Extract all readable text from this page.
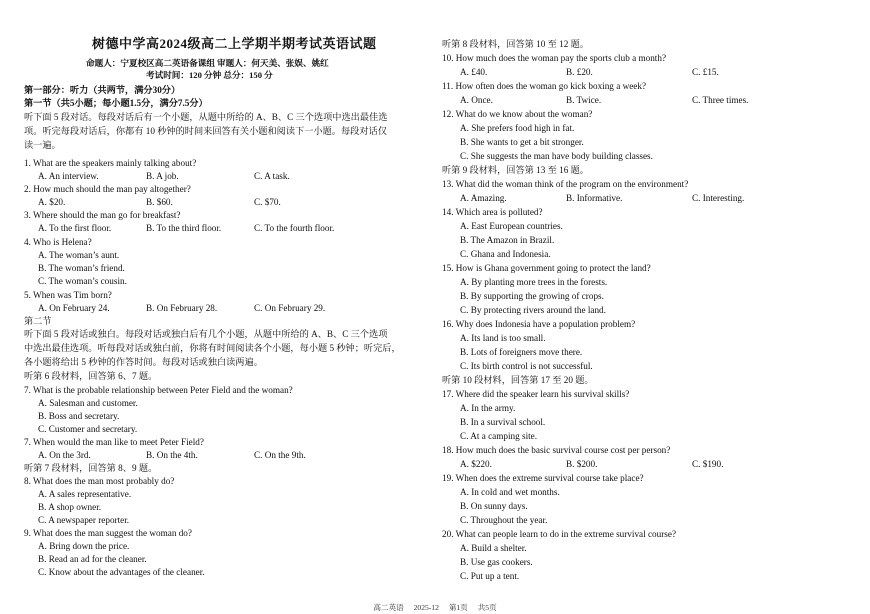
树德中学高2024级高二上学期半期考试英语试题
命题人：宁夏校区高二英语备课组 审题人：何天美、张娱、姚红
考试时间：120 分钟 总分：150 分
第一部分：听力（共两节，满分30分）
第一节（共5小题；每小题1.5分，满分7.5分）
听下面 5 段对话。每段对话后有一个小题，从题中所给的 A、B、C 三个选项中选出最佳选
项。听完每段对话后，你都有 10 秒钟的时间来回答有关小题和阅读下一小题。每段对话仅
读一遍。
1. What are the speakers mainly talking about?
A. An interview.	B. A job.	C. A task.
2. How much should the man pay altogether?
A. $20.	B. $60.	C. $70.
3. Where should the man go for breakfast?
A. To the first floor.	B. To the third floor.	C. To the fourth floor.
4. Who is Helena?
A. The woman’s aunt.
B. The woman’s friend.
C. The woman’s cousin.
5. When was Tim born?
A. On February 24.	B. On February 28.	C. On February 29.
第二节
听下面 5 段对话或独白。每段对话或独白后有几个小题，从题中所给的 A、B、C 三个选项
中选出最佳选项。听每段对话或独白前，你将有时间阅读各个小题，每小题 5 秒钟；听完后，
各小题将给出 5 秒钟的作答时间。每段对话或独白读两遍。
听第 6 段材料，回答第 6、7 题。
7. What is the probable relationship between Peter Field and the woman?
A. Salesman and customer.
B. Boss and secretary.
C. Customer and secretary.
7. When would the man like to meet Peter Field?
A. On the 3rd.	B. On the 4th.	C. On the 9th.
听第 7 段材料，回答第 8、9 题。
8. What does the man most probably do?
A. A sales representative.
B. A shop owner.
C. A newspaper reporter.
9. What does the man suggest the woman do?
A. Bring down the price.
B. Read an ad for the cleaner.
C. Know about the advantages of the cleaner.
听第 8 段材料，回答第 10 至 12 题。
10. How much does the woman pay the sports club a month?
A. £40.	B. £20.	C. £15.
11. How often does the woman go kick boxing a week?
A. Once.	B. Twice.	C. Three times.
12. What do we know about the woman?
A. She prefers food high in fat.
B. She wants to get a bit stronger.
C. She suggests the man have body building classes.
听第 9 段材料，回答第 13 至 16 题。
13. What did the woman think of the program on the environment?
A. Amazing.	B. Informative.	C. Interesting.
14. Which area is polluted?
A. East European countries.
B. The Amazon in Brazil.
C. Ghana and Indonesia.
15. How is Ghana government going to protect the land?
A. By planting more trees in the forests.
B. By supporting the growing of crops.
C. By protecting rivers around the land.
16. Why does Indonesia have a population problem?
A. Its land is too small.
B. Lots of foreigners move there.
C. Its birth control is not successful.
听第 10 段材料，回答第 17 至 20 题。
17. Where did the speaker learn his survival skills?
A. In the army.
B. In a survival school.
C. At a camping site.
18. How much does the basic survival course cost per person?
A. $220.	B. $200.	C. $190.
19. When does the extreme survival course take place?
A. In cold and wet months.
B. On sunny days.
C. Throughout the year.
20. What can people learn to do in the extreme survival course?
A. Build a shelter.
B. Use gas cookers.
C. Put up a tent.
高二英语 2025-12 第1页 共5页
